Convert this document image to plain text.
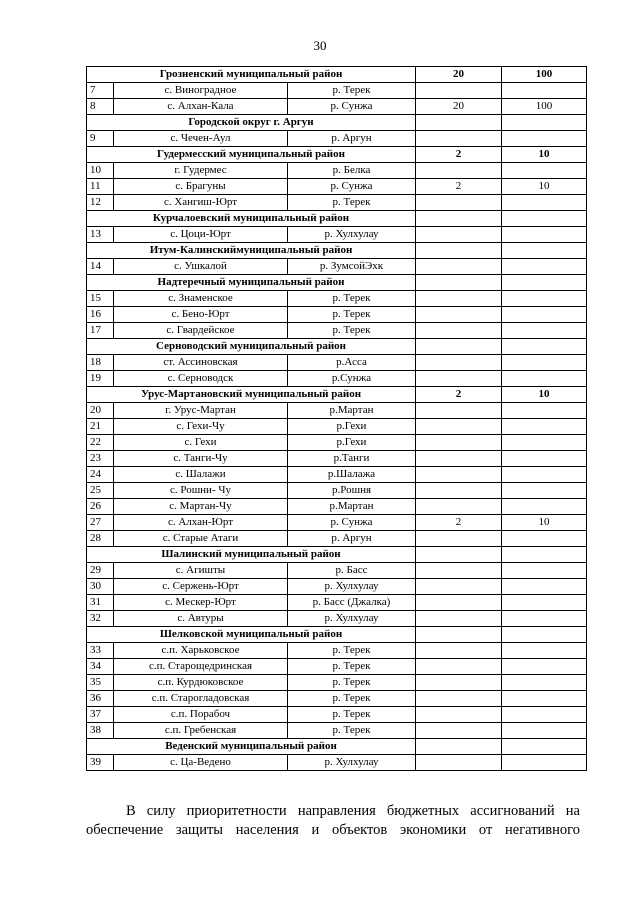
30
Грозненский муниципальный район			20	100
7	с. Виноградное	р. Терек		
8	с. Алхан-Кала	р. Сунжа	20	100
Городской округ г. Аргун				
9	с. Чечен-Аул	р. Аргун		
Гудермесский муниципальный район			2	10
10	г. Гудермес	р. Белка		
11	с. Брагуны	р. Сунжа	2	10
12	с. Хангиш-Юрт	р. Терек		
Курчалоевский муниципальный район				
13	с. Цоци-Юрт	р. Хулхулау		
Итум-Калинскиймуниципальный район				
14	с. Ушкалой	р. ЗумсойЭхк		
Надтеречный муниципальный район				
15	с. Знаменское	р. Терек		
16	с. Бено-Юрт	р. Терек		
17	с. Гвардейское	р. Терек		
Серноводский муниципальный район				
18	ст. Ассиновская	р.Асса		
19	с. Серноводск	р.Сунжа		
Урус-Мартановский муниципальный район			2	10
20	г. Урус-Мартан	р.Мартан		
21	с. Гехи-Чу	р.Гехи		
22	с. Гехи	р.Гехи		
23	с. Танги-Чу	р.Танги		
24	с. Шалажи	р.Шалажа		
25	с. Рошни- Чу	р.Рошня		
26	с. Мартан-Чу	р.Мартан		
27	с. Алхан-Юрт	р. Сунжа	2	10
28	с. Старые Атаги	р. Аргун		
Шалинский муниципальный район				
29	с. Агишты	р. Басс		
30	с. Сержень-Юрт	р. Хулхулау		
31	с. Мескер-Юрт	р. Басс (Джалка)		
32	с. Автуры	р. Хулхулау		
Шелковской муниципальный район				
33	с.п. Харьковское	р. Терек		
34	с.п. Старощедринская	р. Терек		
35	с.п. Курдюковское	р. Терек		
36	с.п. Старогладовская	р. Терек		
37	с.п. Порабоч	р. Терек		
38	с.п. Гребенская	р. Терек		
Веденский муниципальный район				
39	с. Ца-Ведено	р. Хулхулау		
В силу приоритетности направления бюджетных ассигнований на
обеспечение защиты населения и объектов экономики от негативного
